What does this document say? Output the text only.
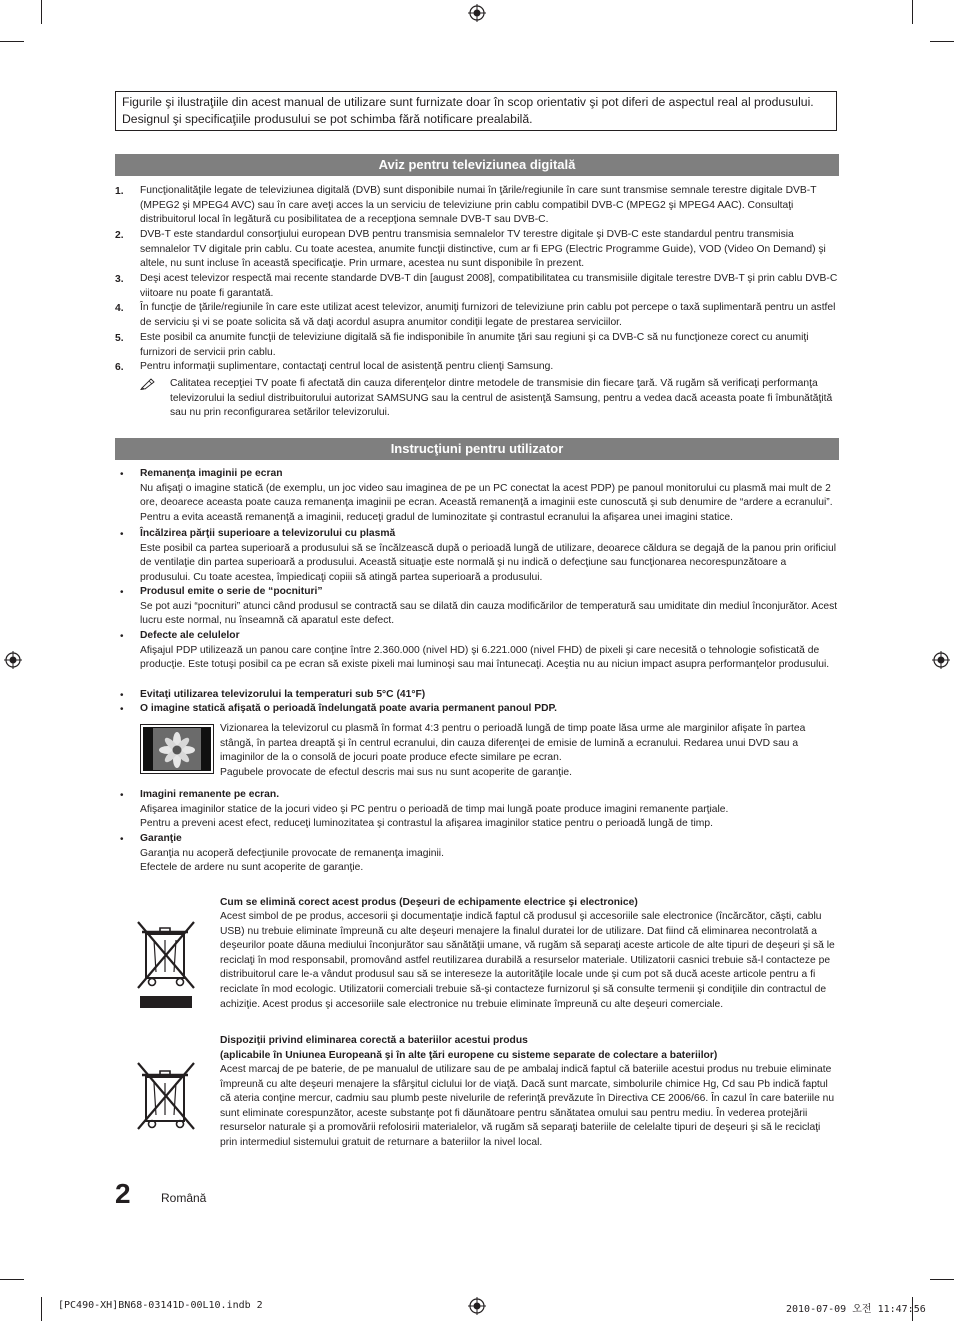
Figurile şi ilustraţiile din acest manual de utilizare sunt furnizate doar în scop orientativ şi pot diferi de aspectul real al produsului. Designul şi specificaţiile produsului se pot schimba fără notificare prealabilă.
Aviz pentru televiziunea digitală
1. Funcţionalităţile legate de televiziunea digitală (DVB) sunt disponibile numai în ţările/regiunile în care sunt transmise semnale terestre digitale DVB-T (MPEG2 şi MPEG4 AVC) sau în care aveţi acces la un serviciu de televiziune prin cablu compatibil DVB-C (MPEG2 şi MPEG4 AAC). Consultaţi distribuitorul local în legătură cu posibilitatea de a recepţiona semnale DVB-T sau DVB-C.
2. DVB-T este standardul consorţiului european DVB pentru transmisia semnalelor TV terestre digitale şi DVB-C este standardul pentru transmisia semnalelor TV digitale prin cablu. Cu toate acestea, anumite funcţii distinctive, cum ar fi EPG (Electric Programme Guide), VOD (Video On Demand) şi altele, nu sunt incluse în această specificaţie. Prin urmare, acestea nu sunt disponibile în prezent.
3. Deşi acest televizor respectă mai recente standarde DVB-T din [august 2008], compatibilitatea cu transmisiile digitale terestre DVB-T şi prin cablu DVB-C viitoare nu poate fi garantată.
4. În funcţie de ţările/regiunile în care este utilizat acest televizor, anumiţi furnizori de televiziune prin cablu pot percepe o taxă suplimentară pentru un astfel de serviciu şi vi se poate solicita să vă daţi acordul asupra anumitor condiţii legate de prestarea serviciilor.
5. Este posibil ca anumite funcţii de televiziune digitală să fie indisponibile în anumite ţări sau regiuni şi ca DVB-C să nu funcţioneze corect cu anumiţi furnizori de servicii prin cablu.
6. Pentru informaţii suplimentare, contactaţi centrul local de asistenţă pentru clienţi Samsung.
Calitatea recepţiei TV poate fi afectată din cauza diferenţelor dintre metodele de transmisie din fiecare ţară. Vă rugăm să verificaţi performanţa televizorului la sediul distribuitorului autorizat SAMSUNG sau la centrul de asistenţă Samsung, pentru a vedea dacă aceasta poate fi îmbunătăţită sau nu prin reconfigurarea setărilor televizorului.
Instrucţiuni pentru utilizator
• Remanenţa imaginii pe ecran
Nu afişaţi o imagine statică (de exemplu, un joc video sau imaginea de pe un PC conectat la acest PDP) pe panoul monitorului cu plasmă mai mult de 2 ore, deoarece aceasta poate cauza remanenţa imaginii pe ecran. Această remanenţă a imaginii este cunoscută şi sub denumire de “ardere a ecranului”. Pentru a evita această remanenţă a imaginii, reduceţi gradul de luminozitate şi contrastul ecranului la afişarea unei imagini statice.
• Încălzirea părţii superioare a televizorului cu plasmă
Este posibil ca partea superioară a produsului să se încălzească după o perioadă lungă de utilizare, deoarece căldura se degajă de la panou prin orificiul de ventilaţie din partea superioară a produsului. Această situaţie este normală şi nu indică o defecţiune sau funcţionarea necorespunzătoare a produsului. Cu toate acestea, împiedicaţi copiii să atingă partea superioară a produsului.
• Produsul emite o serie de “pocnituri”
Se pot auzi “pocnituri” atunci când produsul se contractă sau se dilată din cauza modificărilor de temperatură sau umiditate din mediul înconjurător. Acest lucru este normal, nu înseamnă că aparatul este defect.
• Defecte ale celulelor
Afişajul PDP utilizează un panou care conţine între 2.360.000 (nivel HD) şi 6.221.000 (nivel FHD) de pixeli şi care necesită o tehnologie sofisticată de producţie. Este totuşi posibil ca pe ecran să existe pixeli mai luminoşi sau mai întunecaţi. Aceştia nu au niciun impact asupra performanţelor produsului.
• Evitaţi utilizarea televizorului la temperaturi sub 5°C (41°F)
• O imagine statică afişată o perioadă îndelungată poate avaria permanent panoul PDP.
Vizionarea la televizorul cu plasmă în format 4:3 pentru o perioadă lungă de timp poate lăsa urme ale marginilor afişate în partea stângă, în partea dreaptă şi în centrul ecranului, din cauza diferenţei de emisie de lumină a ecranului. Redarea unui DVD sau a imaginilor de la o consolă de jocuri poate produce efecte similare pe ecran.
Pagubele provocate de efectul descris mai sus nu sunt acoperite de garanţie.
• Imagini remanente pe ecran.
Afişarea imaginilor statice de la jocuri video şi PC pentru o perioadă de timp mai lungă poate produce imagini remanente parţiale.
Pentru a preveni acest efect, reduceţi luminozitatea şi contrastul la afişarea imaginilor statice pentru o perioadă lungă de timp.
• Garanţie
Garanţia nu acoperă defecţiunile provocate de remanenţa imaginii.
Efectele de ardere nu sunt acoperite de garanţie.
Cum se elimină corect acest produs (Deşeuri de echipamente electrice şi electronice)
Acest simbol de pe produs, accesorii şi documentaţie indică faptul că produsul şi accesoriile sale electronice (încărcător, căşti, cablu USB) nu trebuie eliminate împreună cu alte deşeuri menajere la finalul duratei lor de utilizare. Dat fiind că eliminarea necontrolată a deşeurilor poate dăuna mediului înconjurător sau sănătăţii umane, vă rugăm să separaţi aceste articole de alte tipuri de deşeuri şi să le reciclaţi în mod responsabil, promovând astfel reutilizarea durabilă a resurselor materiale. Utilizatorii casnici trebuie să-l contacteze pe distribuitorul care le-a vândut produsul sau să se intereseze la autorităţile locale unde şi cum pot să ducă aceste articole pentru a fi reciclate în mod ecologic. Utilizatorii comerciali trebuie să-şi contacteze furnizorul şi să consulte termenii şi condiţiile din contractul de achiziţie. Acest produs şi accesoriile sale electronice nu trebuie eliminate împreună cu alte deşeuri comerciale.
Dispoziţii privind eliminarea corectă a bateriilor acestui produs
(aplicabile în Uniunea Europeană şi în alte ţări europene cu sisteme separate de colectare a bateriilor)
Acest marcaj de pe baterie, de pe manualul de utilizare sau de pe ambalaj indică faptul că bateriile acestui produs nu trebuie eliminate împreună cu alte deşeuri menajere la sfârşitul ciclului lor de viaţă. Dacă sunt marcate, simbolurile chimice Hg, Cd sau Pb indică faptul că ateria conţine mercur, cadmiu sau plumb peste nivelurile de referinţă prevăzute în Directiva CE 2006/66. În cazul în care bateriile nu sunt eliminate corespunzător, aceste substanţe pot fi dăunătoare pentru sănătatea omului sau pentru mediu. În vederea protejării resurselor naturale şi a promovării refolosirii materialelor, vă rugăm să separaţi bateriile de celelalte tipuri de deşeuri şi să le reciclaţi prin intermediul sistemului gratuit de returnare a bateriilor la nivel local.
2	Română
[PC490-XH]BN68-03141D-00L10.indb 2	2010-07-09 오전 11:47:56
